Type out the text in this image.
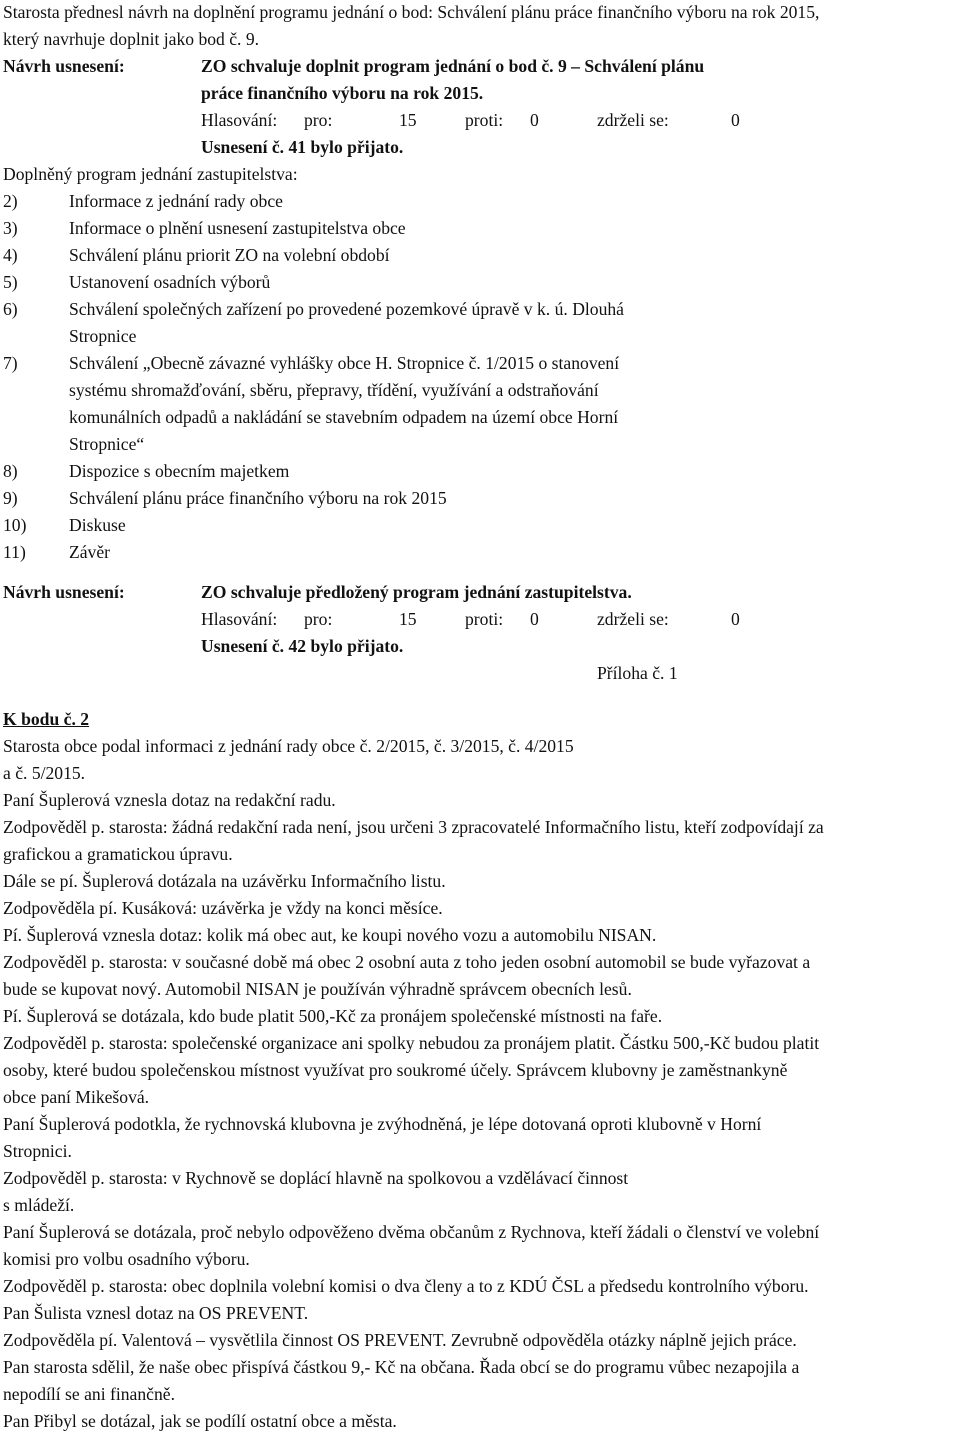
Starosta přednesl návrh na doplnění programu jednání o bod: Schválení plánu práce finančního výboru na rok 2015,
který navrhuje doplnit jako bod č. 9.
Návrh usnesení:	ZO schvaluje doplnit program jednání o bod č. 9 – Schválení plánu
práce finančního výboru na rok 2015.
Hlasování: pro:	15	proti: 0	zdrželi se:	0
Usnesení č. 41 bylo přijato.
Doplněný program jednání zastupitelstva:
2)	Informace z jednání rady obce
3)	Informace o plnění usnesení zastupitelstva obce
4)	Schválení plánu priorit ZO na volební období
5)	Ustanovení osadních výborů
6)	Schválení společných zařízení po provedené pozemkové úpravě v k. ú. Dlouhá
Stropnice
7)	Schválení „Obecně závazné vyhlášky obce H. Stropnice č. 1/2015 o stanovení
systému shromažďování, sběru, přepravy, třídění, využívání a odstraňování
komunálních odpadů a nakládání se stavebním odpadem na území obce Horní
Stropnice“
8)	Dispozice s obecním majetkem
9)	Schválení plánu práce finančního výboru na rok 2015
10) Diskuse
11) Závěr
Návrh usnesení:	ZO schvaluje předložený program jednání zastupitelstva.
Hlasování: pro:	15	proti: 0	zdrželi se:	0
Usnesení č. 42 bylo přijato.
Příloha č. 1
K bodu č. 2
Starosta obce podal informaci z jednání rady obce č. 2/2015, č. 3/2015, č. 4/2015
a č. 5/2015.
Paní Šuplerová vznesla dotaz na redakční radu.
Zodpověděl p. starosta: žádná redakční rada není, jsou určeni 3 zpracovatelé Informačního listu, kteří zodpovídají za
grafickou a gramatickou úpravu.
Dále se pí. Šuplerová dotázala na uzávěrku Informačního listu.
Zodpověděla pí. Kusáková: uzávěrka je vždy na konci měsíce.
Pí. Šuplerová vznesla dotaz: kolik má obec aut, ke koupi nového vozu a automobilu NISAN.
Zodpověděl p. starosta: v současné době má obec 2 osobní auta z toho jeden osobní automobil se bude vyřazovat a
bude se kupovat nový. Automobil NISAN je používán výhradně správcem obecních lesů.
Pí. Šuplerová se dotázala, kdo bude platit 500,-Kč za pronájem společenské místnosti na faře.
Zodpověděl p. starosta: společenské organizace ani spolky nebudou za pronájem platit. Částku 500,-Kč budou platit
osoby, které budou společenskou místnost využívat pro soukromé účely. Správcem klubovny je zaměstnankyně
obce paní Mikešová.
Paní Šuplerová podotkla, že rychnovská klubovna je zvýhodněná, je lépe dotovaná oproti klubovně v Horní
Stropnici.
Zodpověděl p. starosta: v Rychnově se doplácí hlavně na spolkovou a vzdělávací činnost
s mládeží.
Paní Šuplerová se dotázala, proč nebylo odpověženo dvěma občanům z Rychnova, kteří žádali o členství ve volební
komisi pro volbu osadního výboru.
Zodpověděl p. starosta: obec doplnila volební komisi o dva členy a to z KDÚ ČSL a předsedu kontrolního výboru.
Pan Šulista vznesl dotaz na OS PREVENT.
Zodpověděla pí. Valentová – vysvětlila činnost OS PREVENT. Zevrubně odpověděla otázky náplně jejich práce.
Pan starosta sdělil, že naše obec přispívá částkou 9,- Kč na občana. Řada obcí se do programu vůbec nezapojila a
nepodílí se ani finančně.
Pan Přibyl se dotázal, jak se podílí ostatní obce a města.
